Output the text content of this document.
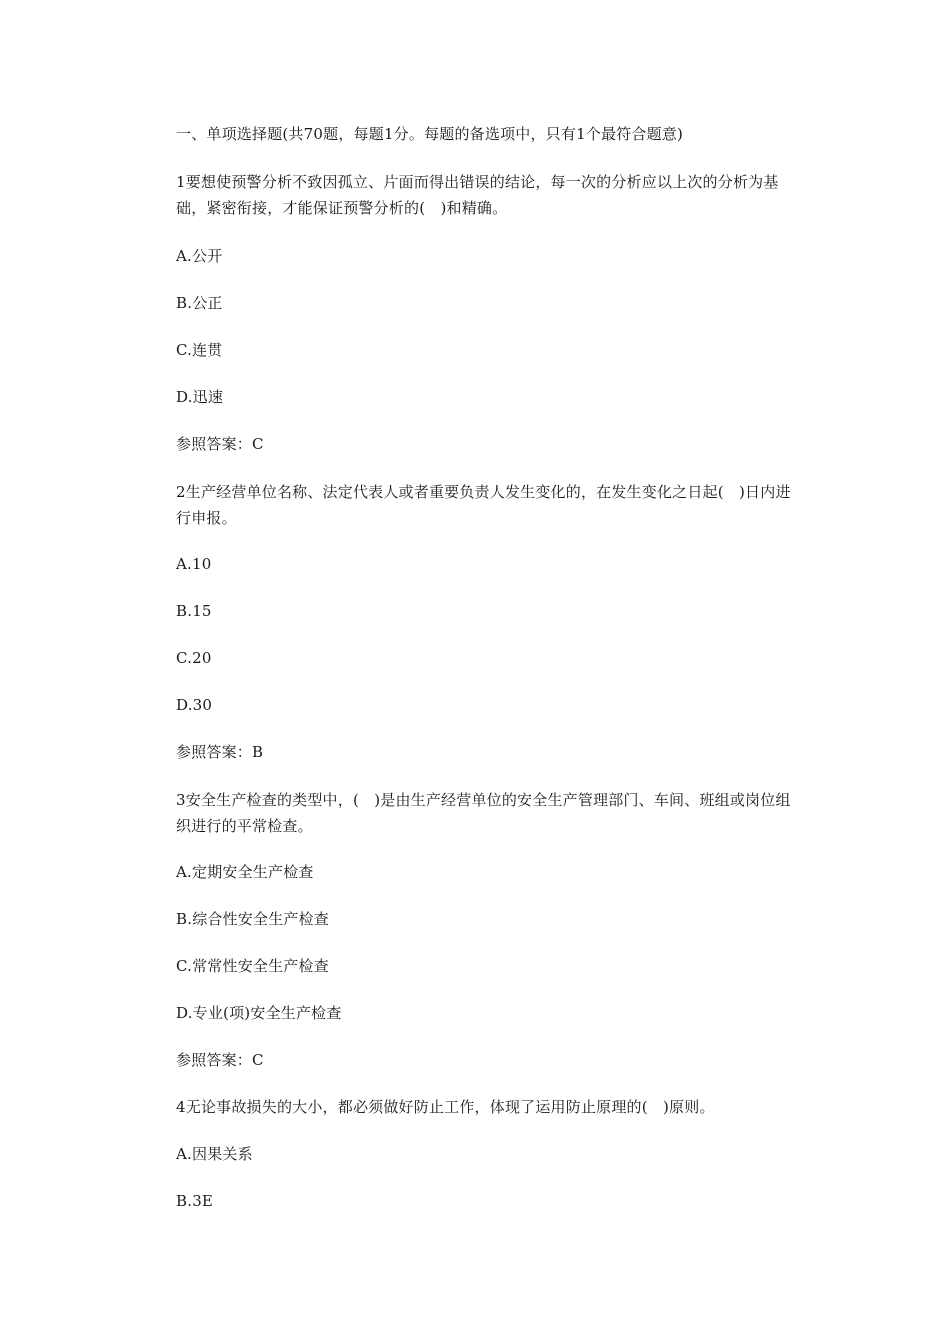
一、单项选择题(共70题，每题1分。每题的备选项中，只有1个最符合题意)
1要想使预警分析不致因孤立、片面而得出错误的结论，每一次的分析应以上次的分析为基础，紧密衔接，才能保证预警分析的(　)和精确。
A.公开
B.公正
C.连贯
D.迅速
参照答案：C
2生产经营单位名称、法定代表人或者重要负责人发生变化的，在发生变化之日起(　)日内进行申报。
A.10
B.15
C.20
D.30
参照答案：B
3安全生产检查的类型中，(　)是由生产经营单位的安全生产管理部门、车间、班组或岗位组织进行的平常检查。
A.定期安全生产检查
B.综合性安全生产检查
C.常常性安全生产检查
D.专业(项)安全生产检查
参照答案：C
4无论事故损失的大小，都必须做好防止工作，体现了运用防止原理的(　)原则。
A.因果关系
B.3E
